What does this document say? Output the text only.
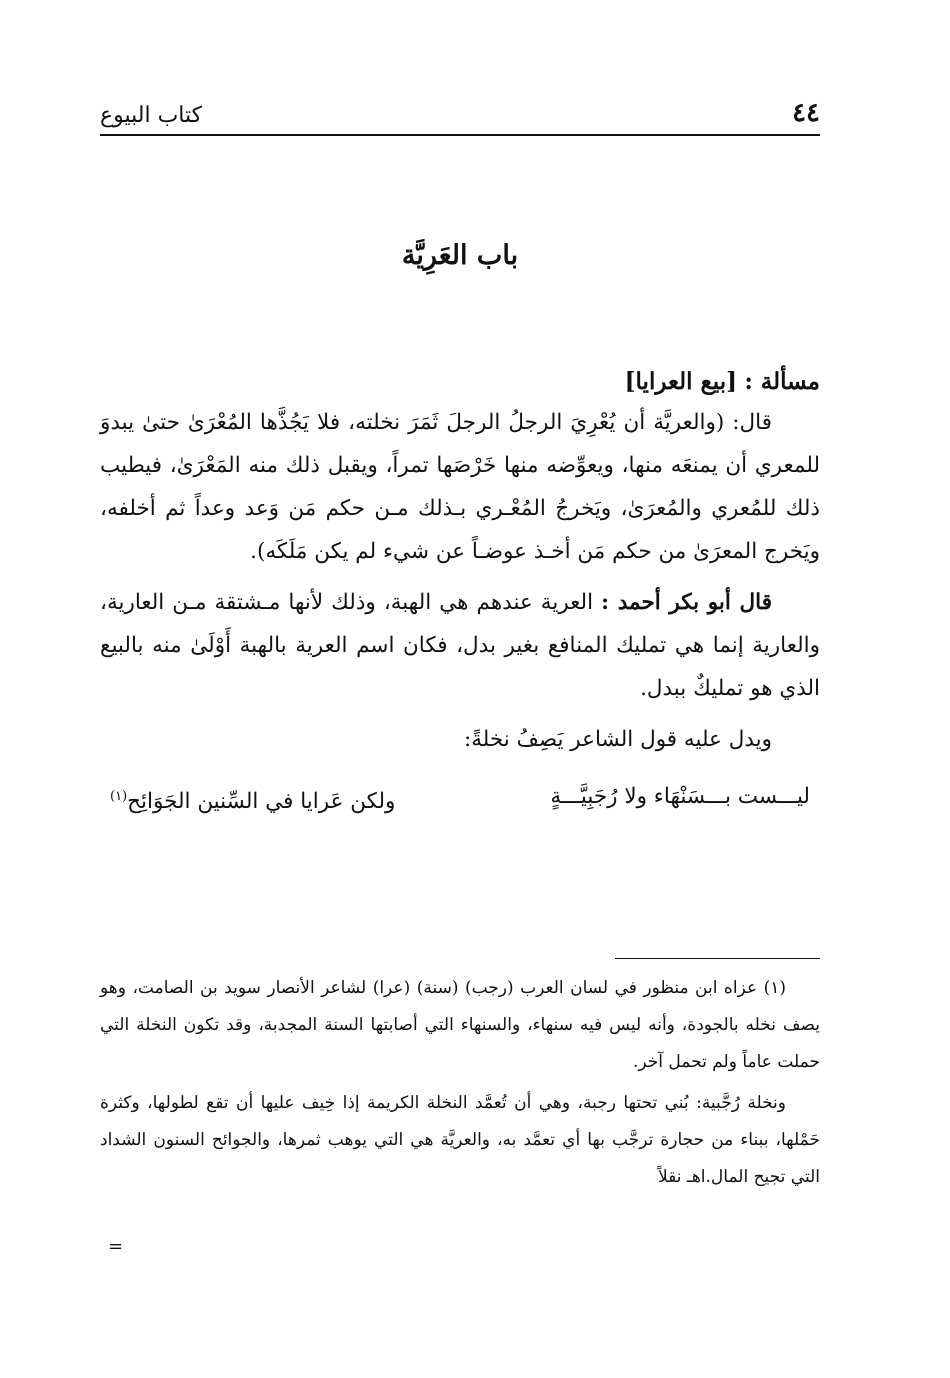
٤٤
كتاب البيوع
باب العَرِيَّة
مسألة : [بيع العرايا]

قال: (والعريَّة أن يُعْرِيَ الرجلُ الرجلَ ثَمَرَ نخلته، فلا يَجُذَّها المُعْرَىٰ حتىٰ يبدوَ للمعري أن يمنعَه منها، ويعوِّضه منها خَرْصَها تمراً، ويقبل ذلك منه المَعْرَىٰ، فيطيب ذلك للمُعري والمُعرَىٰ، ويَخرجُ المُعْـري بـذلك مـن حكم مَن وَعد وعداً ثم أخلفه، ويَخرج المعرَىٰ من حكم مَن أخـذ عوضـاً عن شيء لم يكن مَلَكَه).

قال أبو بكر أحمد : العرية عندهم هي الهبة، وذلك لأنها مـشتقة مـن العارية، والعارية إنما هي تمليك المنافع بغير بدل، فكان اسم العرية بالهبة أَوْلَىٰ منه بالبيع الذي هو تمليكٌ ببدل.

ويدل عليه قول الشاعر يَصِفُ نخلةً:

ليـــست بـــسَنْهَاء ولا رُجَبِيَّـــةٍ
ولكن عَرايا في السِّنين الجَوَائِح$^{(١)}$

(١) عزاه ابن منظور في لسان العرب (رجب) (سنة) (عرا) لشاعر الأنصار سويد بن الصامت، وهو يصف نخله بالجودة، وأنه ليس فيه سنهاء، والسنهاء التي أصابتها السنة المجدبة، وقد تكون النخلة التي حملت عاماً ولم تحمل آخر.

ونخلة رُجَّبية: بُني تحتها رجبة، وهي أن تُعمَّد النخلة الكريمة إذا خِيف عليها أن تقع لطولها، وكثرة حَمْلها، ببناء من حجارة ترجَّب بها أي تعمَّد به، والعريَّة هي التي يوهب ثمرها، والجوائح السنون الشداد التي تجيح المال.اهـ نقلاً

=
